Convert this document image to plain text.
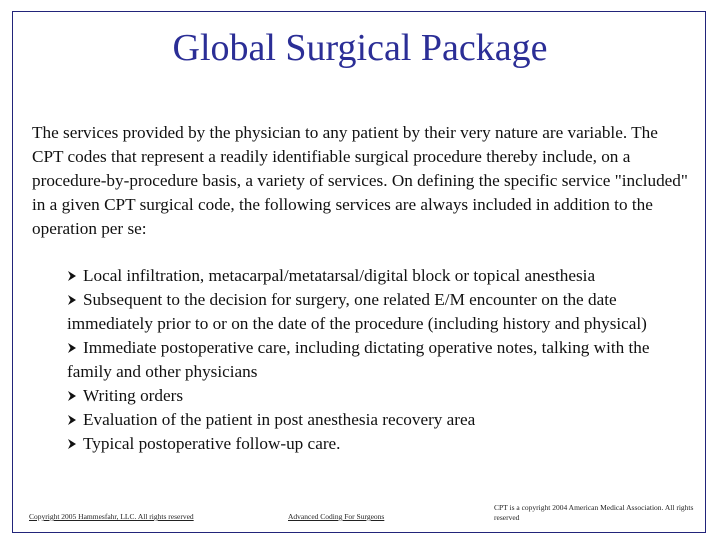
Global Surgical Package
The services provided by the physician to any patient by their very nature are variable. The CPT codes that represent a readily identifiable surgical procedure thereby include, on a procedure-by-procedure basis, a variety of services. On defining the specific service "included" in a given CPT surgical code, the following services are always included in addition to the operation per se:
Local infiltration, metacarpal/metatarsal/digital block or topical anesthesia
Subsequent to the decision for surgery, one related E/M encounter on the date immediately prior to or on the date of the procedure (including history and physical)
Immediate postoperative care, including dictating operative notes, talking with the family and other physicians
Writing orders
Evaluation of the patient in post anesthesia recovery area
Typical postoperative follow-up care.
Copyright 2005 Hammesfahr, LLC. All rights reserved	Advanced Coding For Surgeons
CPT is a copyright 2004 American Medical Association. All rights reserved
